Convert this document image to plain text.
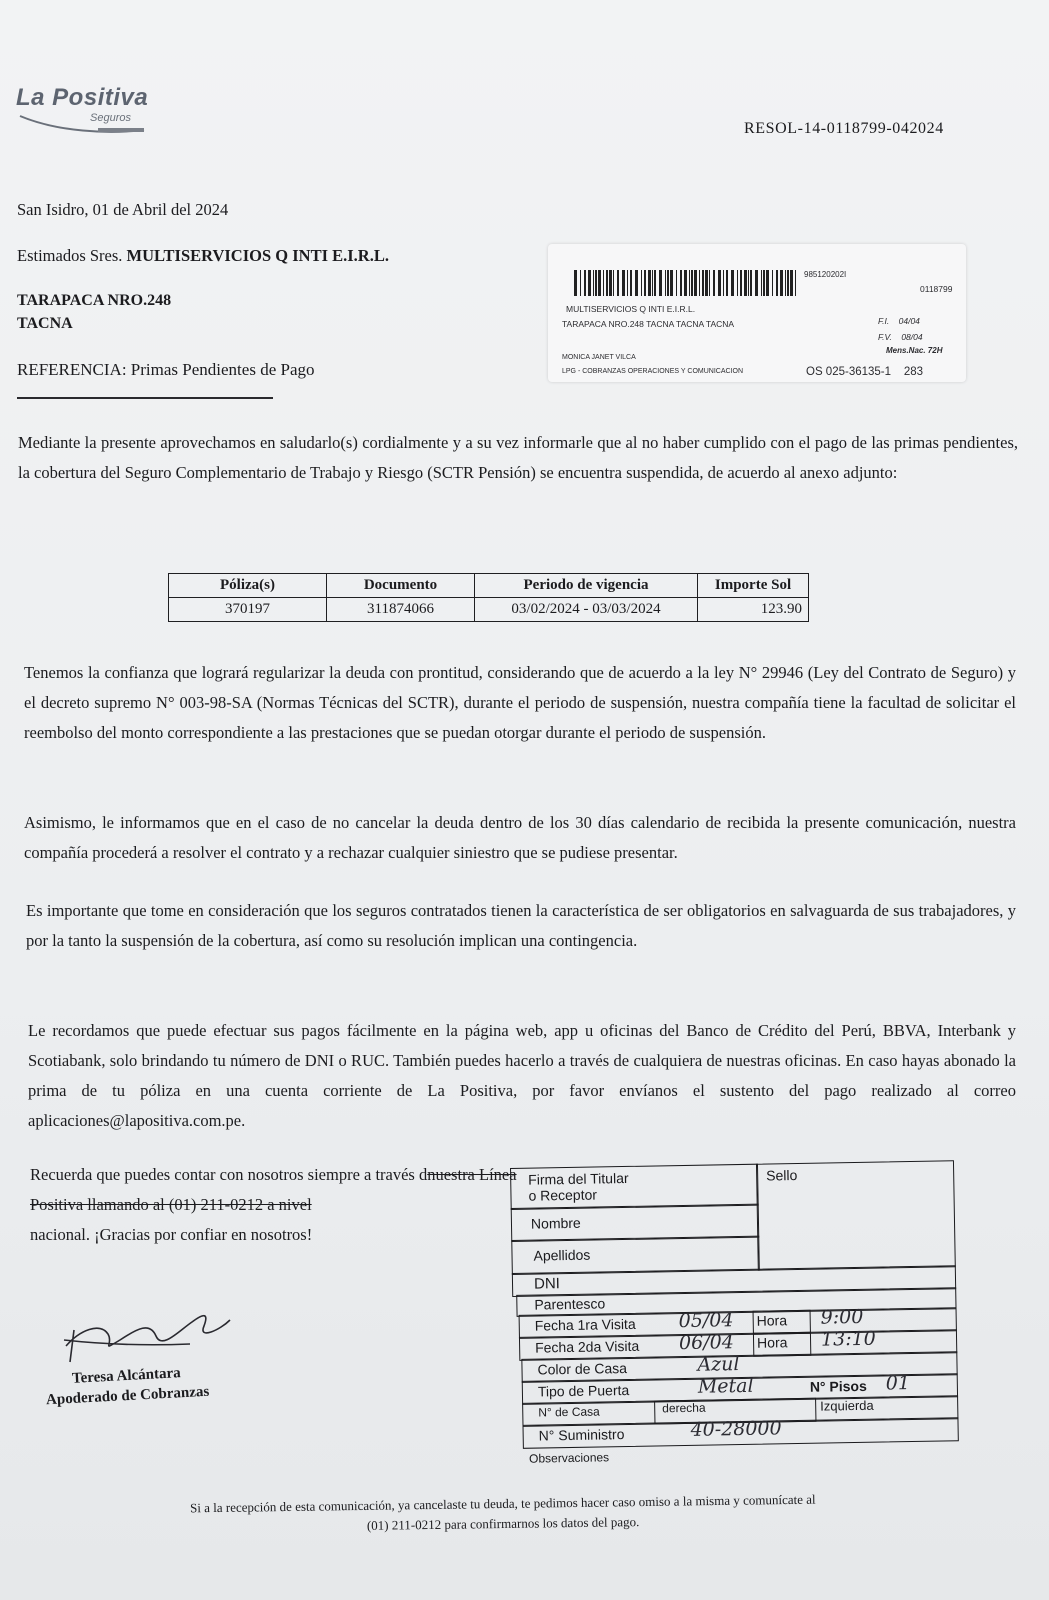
La Positiva
Seguros
RESOL-14-0118799-042024
San Isidro, 01 de Abril del 2024
Estimados Sres. MULTISERVICIOS Q INTI E.I.R.L.
TARAPACA NRO.248
TACNA
REFERENCIA: Primas Pendientes de Pago
985120202I
0118799
MULTISERVICIOS Q INTI E.I.R.L.
TARAPACA NRO.248 TACNA TACNA TACNA	F.I. 04/04
F.V. 08/04
Mens.Nac. 72H
MONICA JANET VILCA
LPG - COBRANZAS OPERACIONES Y COMUNICACION	OS 025-36135-1 283
Mediante la presente aprovechamos en saludarlo(s) cordialmente y a su vez informarle que al no haber cumplido con el pago de las primas pendientes, la cobertura del Seguro Complementario de Trabajo y Riesgo (SCTR Pensión) se encuentra suspendida, de acuerdo al anexo adjunto:
Póliza(s)	Documento	Periodo de vigencia	Importe Sol
370197	311874066	03/02/2024 - 03/03/2024	123.90
Tenemos la confianza que logrará regularizar la deuda con prontitud, considerando que de acuerdo a la ley N° 29946 (Ley del Contrato de Seguro) y el decreto supremo N° 003-98-SA (Normas Técnicas del SCTR), durante el periodo de suspensión, nuestra compañía tiene la facultad de solicitar el reembolso del monto correspondiente a las prestaciones que se puedan otorgar durante el periodo de suspensión.
Asimismo, le informamos que en el caso de no cancelar la deuda dentro de los 30 días calendario de recibida la presente comunicación, nuestra compañía procederá a resolver el contrato y a rechazar cualquier siniestro que se pudiese presentar.
Es importante que tome en consideración que los seguros contratados tienen la característica de ser obligatorios en salvaguarda de sus trabajadores, y por la tanto la suspensión de la cobertura, así como su resolución implican una contingencia.
Le recordamos que puede efectuar sus pagos fácilmente en la página web, app u oficinas del Banco de Crédito del Perú, BBVA, Interbank y Scotiabank, solo brindando tu número de DNI o RUC. También puedes hacerlo a través de cualquiera de nuestras oficinas. En caso hayas abonado la prima de tu póliza en una cuenta corriente de La Positiva, por favor envíanos el sustento del pago realizado al correo aplicaciones@lapositiva.com.pe.
Recuerda que puedes contar con nosotros siempre a través dnuestra Línea Positiva llamando al (01) 211-0212 a nivel
nacional. ¡Gracias por confiar en nosotros!
Teresa Alcántara
Apoderado de Cobranzas
Firma del Titular
o Receptor
Sello
Nombre
Apellidos
DNI
Parentesco
Fecha 1ra Visita	Hora
05/04	9:00
Fecha 2da Visita	Hora
06/04	13:10
Color de Casa	Azul
Tipo de Puerta	Metal	N° Pisos 01
N° de Casa	derecha	Izquierda
N° Suministro	40-28000
Observaciones
Si a la recepción de esta comunicación, ya cancelaste tu deuda, te pedimos hacer caso omiso a la misma y comunícate al
(01) 211-0212 para confirmarnos los datos del pago.
